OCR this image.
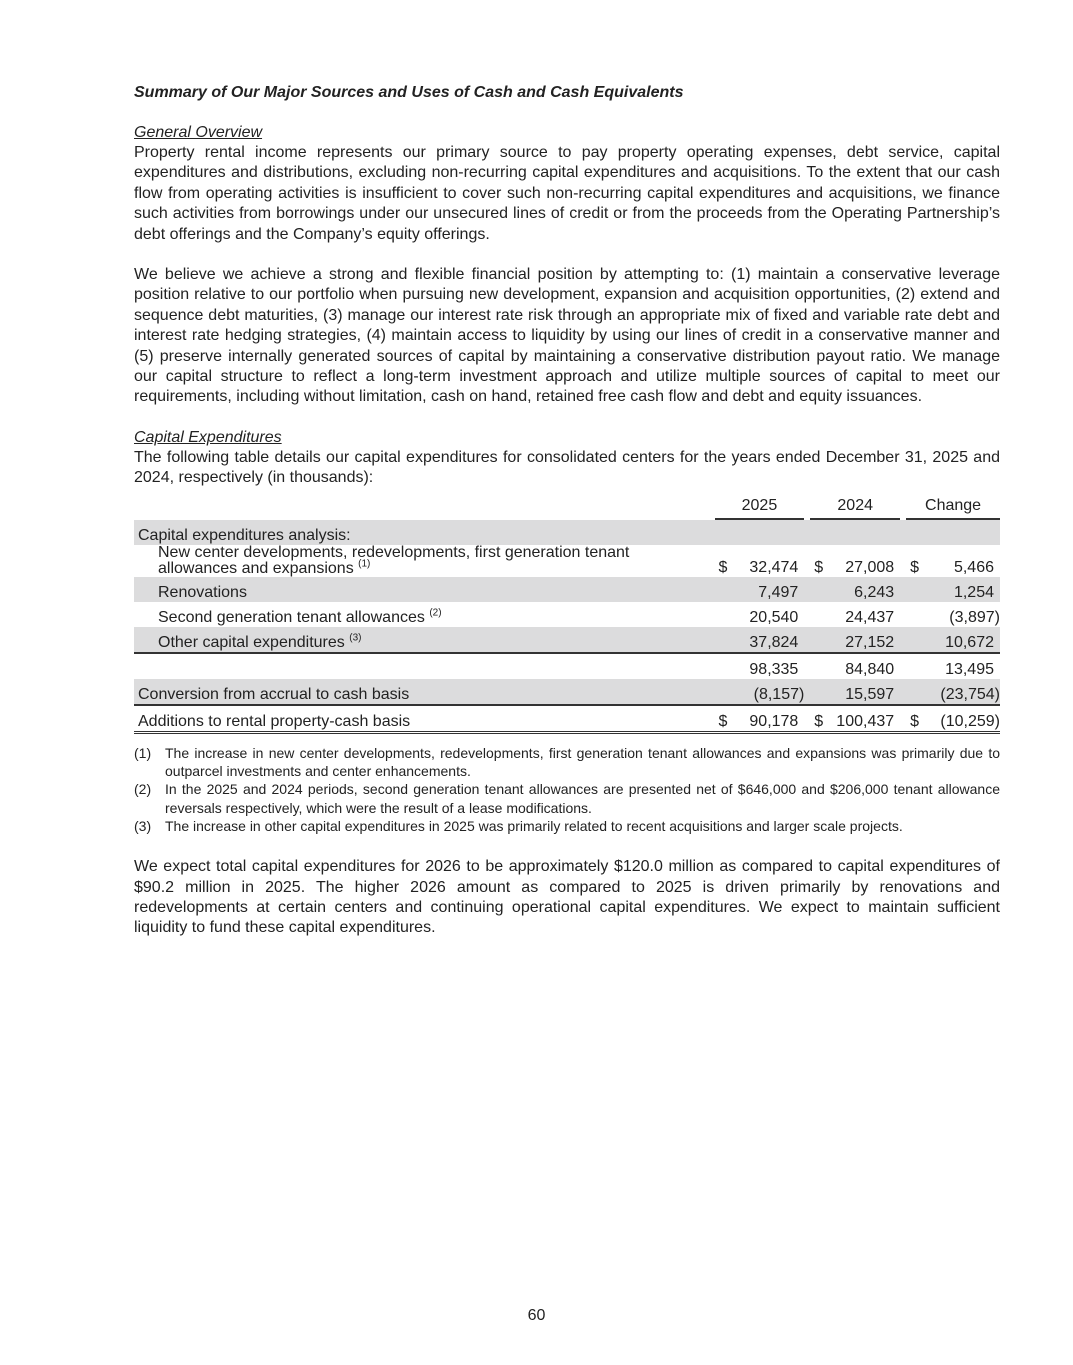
Summary of Our Major Sources and Uses of Cash and Cash Equivalents

General Overview

Property rental income represents our primary source to pay property operating expenses, debt service, capital expenditures and distributions, excluding non-recurring capital expenditures and acquisitions. To the extent that our cash flow from operating activities is insufficient to cover such non-recurring capital expenditures and acquisitions, we finance such activities from borrowings under our unsecured lines of credit or from the proceeds from the Operating Partnership’s debt offerings and the Company’s equity offerings.

We believe we achieve a strong and flexible financial position by attempting to: (1) maintain a conservative leverage position relative to our portfolio when pursuing new development, expansion and acquisition opportunities, (2) extend and sequence debt maturities, (3) manage our interest rate risk through an appropriate mix of fixed and variable rate debt and interest rate hedging strategies, (4) maintain access to liquidity by using our lines of credit in a conservative manner and (5) preserve internally generated sources of capital by maintaining a conservative distribution payout ratio. We manage our capital structure to reflect a long-term investment approach and utilize multiple sources of capital to meet our requirements, including without limitation, cash on hand, retained free cash flow and debt and equity issuances.

Capital Expenditures

The following table details our capital expenditures for consolidated centers for the years ended December 31, 2025 and 2024, respectively (in thousands):

		2025			2024			Change	
Capital expenditures analysis:									
New center developments, redevelopments, first generation tenant
allowances and expansions $^{(1)}$		$	32,474		$	27,008		$	5,466
Renovations			7,497			6,243			1,254
Second generation tenant allowances $^{(2)}$			20,540			24,437			(3,897)
Other capital expenditures $^{(3)}$			37,824			27,152			10,672
			98,335			84,840			13,495
Conversion from accrual to cash basis			(8,157)			15,597			(23,754)
Additions to rental property-cash basis		$	90,178		$	100,437		$	(10,259)
(1) The increase in new center developments, redevelopments, first generation tenant allowances and expansions was primarily due to outparcel investments and center enhancements.
(2) In the 2025 and 2024 periods, second generation tenant allowances are presented net of $646,000 and $206,000 tenant allowance reversals respectively, which were the result of a lease modifications.
(3) The increase in other capital expenditures in 2025 was primarily related to recent acquisitions and larger scale projects.

We expect total capital expenditures for 2026 to be approximately $120.0 million as compared to capital expenditures of $90.2 million in 2025. The higher 2026 amount as compared to 2025 is driven primarily by renovations and redevelopments at certain centers and continuing operational capital expenditures. We expect to maintain sufficient liquidity to fund these capital expenditures.

60
